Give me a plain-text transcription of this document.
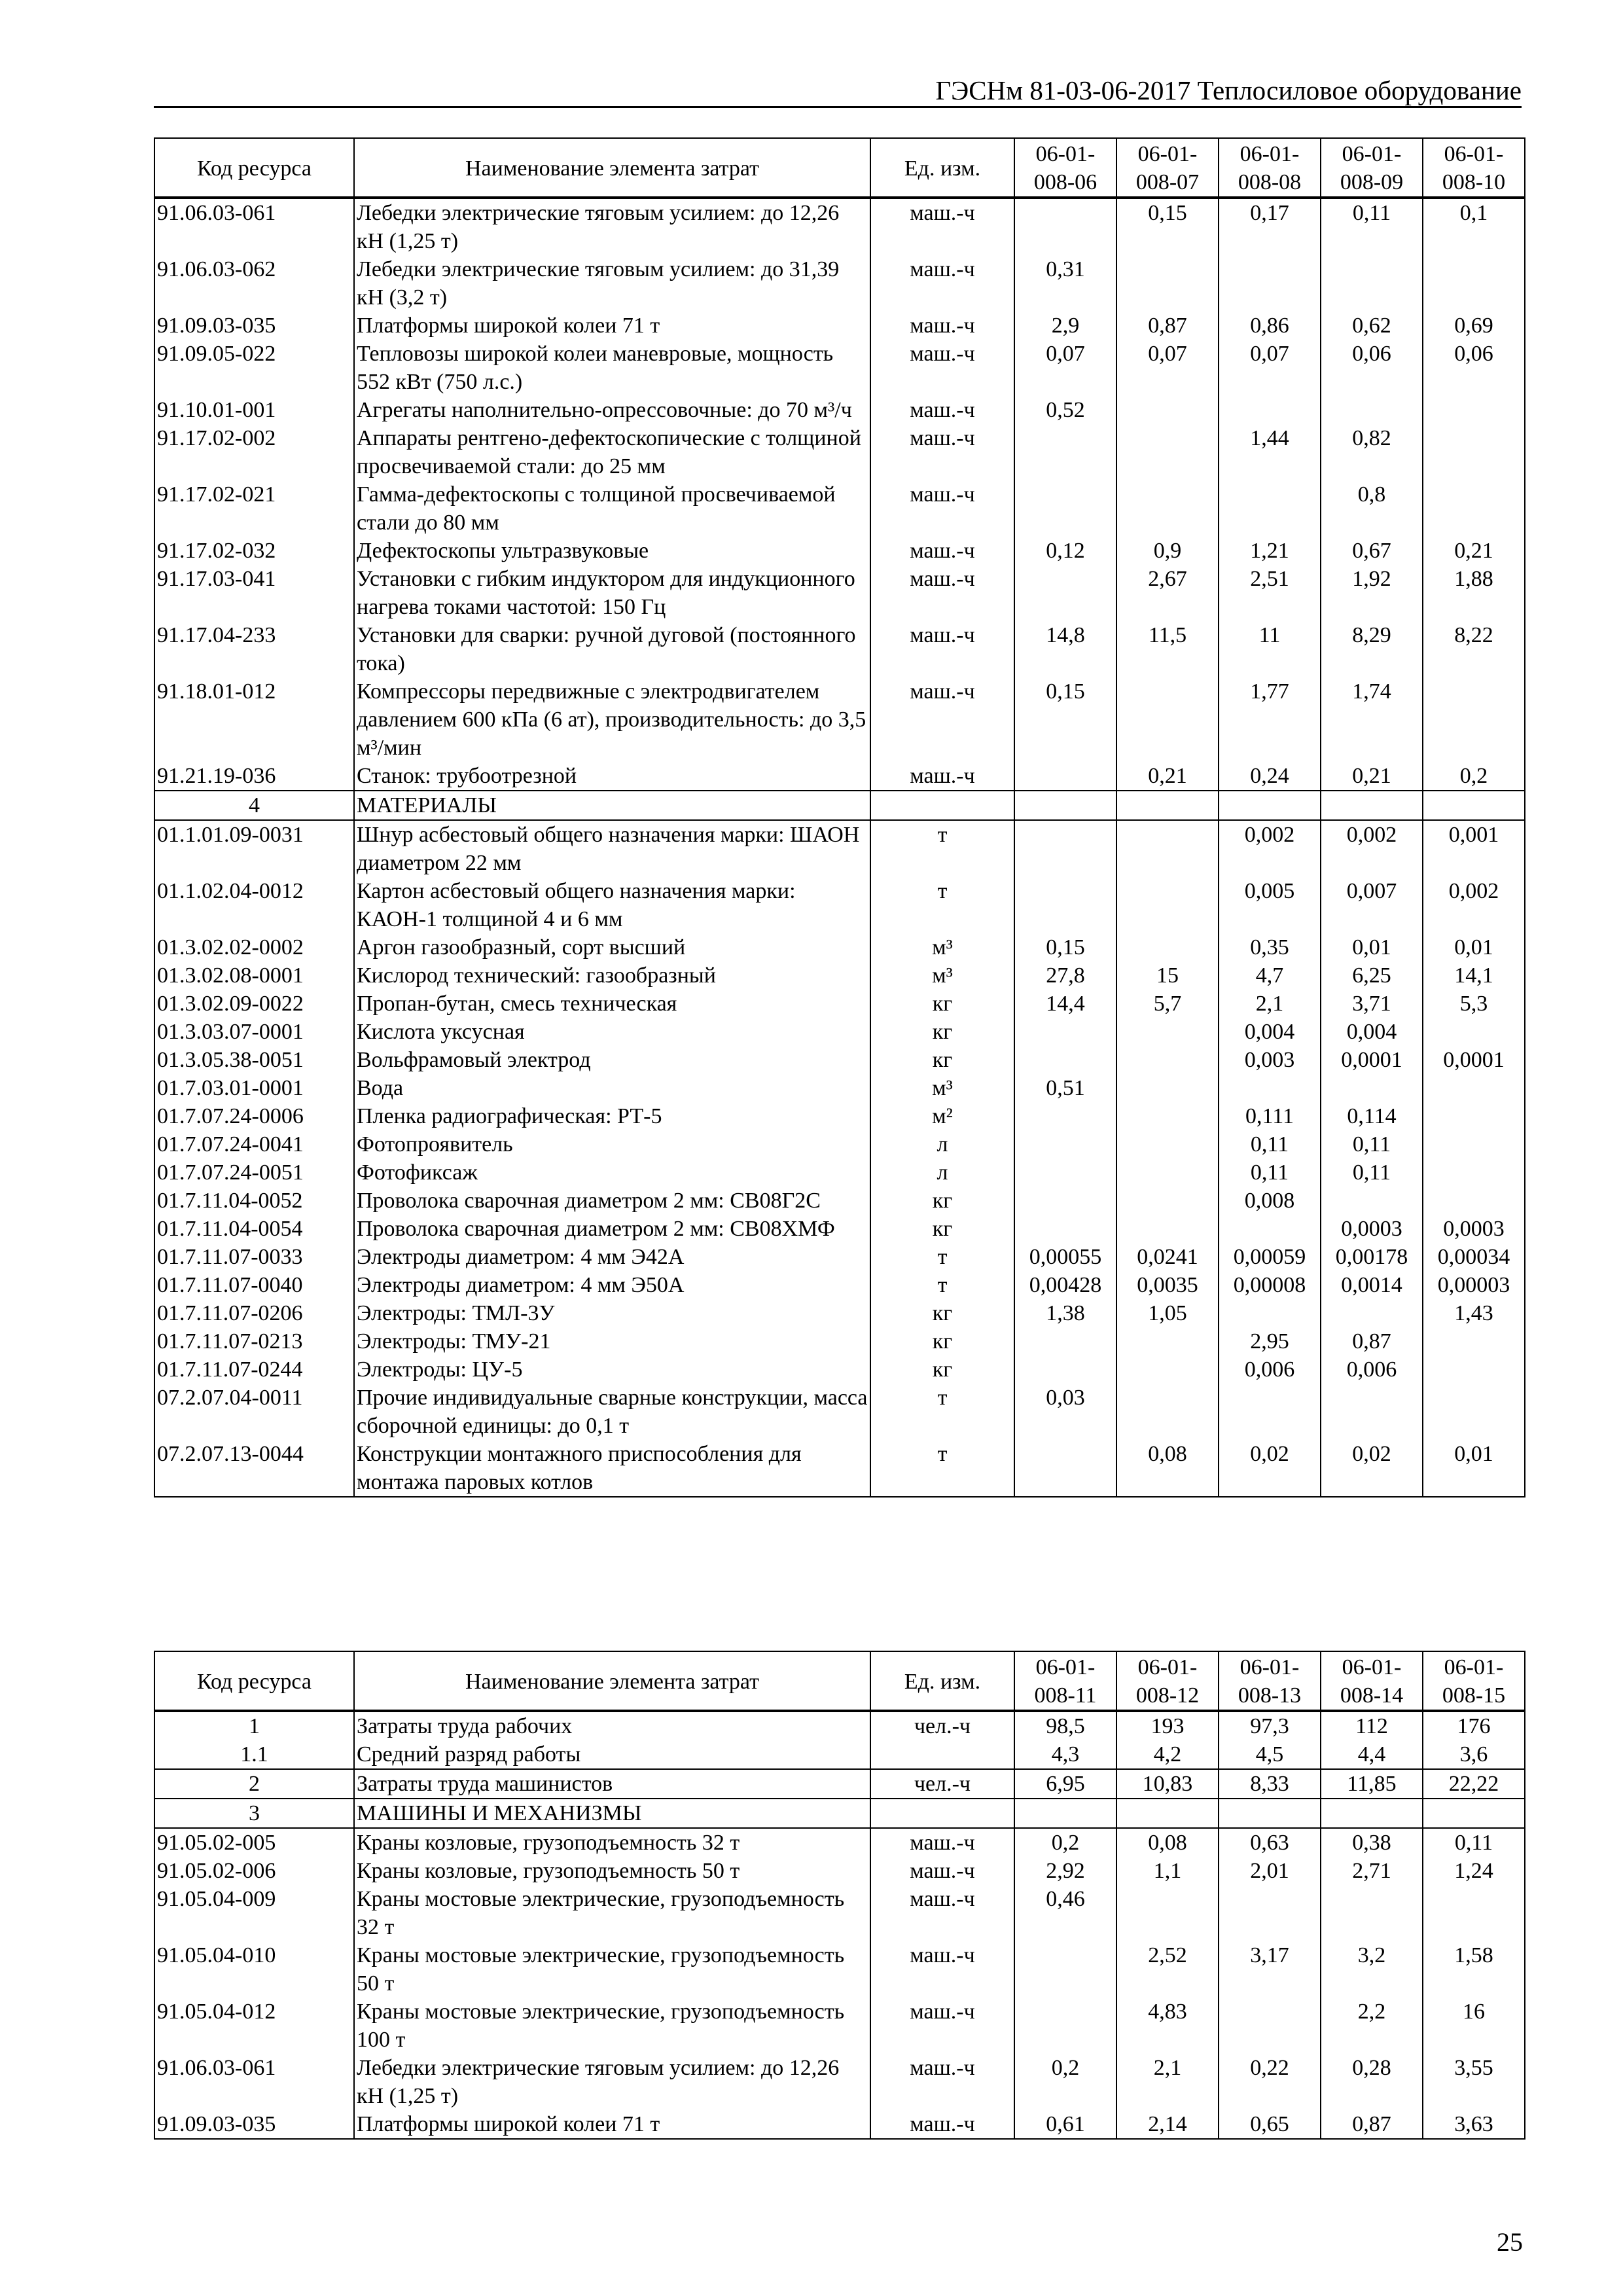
ГЭСНм 81-03-06-2017 Теплосиловое оборудование
Код ресурса	Наименование элемента затрат	Ед. изм.	06-01-008-06	06-01-008-07	06-01-008-08	06-01-008-09	06-01-008-10
91.06.03-061	Лебедки электрические тяговым усилием: до 12,26 кН (1,25 т)	маш.-ч		0,15	0,17	0,11	0,1
91.06.03-062	Лебедки электрические тяговым усилием: до 31,39 кН (3,2 т)	маш.-ч	0,31				
91.09.03-035	Платформы широкой колеи 71 т	маш.-ч	2,9	0,87	0,86	0,62	0,69
91.09.05-022	Тепловозы широкой колеи маневровые, мощность 552 кВт (750 л.с.)	маш.-ч	0,07	0,07	0,07	0,06	0,06
91.10.01-001	Агрегаты наполнительно-опрессовочные: до 70 м³/ч	маш.-ч	0,52				
91.17.02-002	Аппараты рентгено-дефектоскопические с толщиной просвечиваемой стали: до 25 мм	маш.-ч			1,44	0,82	
91.17.02-021	Гамма-дефектоскопы с толщиной просвечиваемой стали до 80 мм	маш.-ч				0,8	
91.17.02-032	Дефектоскопы ультразвуковые	маш.-ч	0,12	0,9	1,21	0,67	0,21
91.17.03-041	Установки с гибким индуктором для индукционного нагрева токами частотой: 150 Гц	маш.-ч		2,67	2,51	1,92	1,88
91.17.04-233	Установки для сварки: ручной дуговой (постоянного тока)	маш.-ч	14,8	11,5	11	8,29	8,22
91.18.01-012	Компрессоры передвижные с электродвигателем давлением 600 кПа (6 ат), производительность: до 3,5 м³/мин	маш.-ч	0,15		1,77	1,74	
91.21.19-036	Станок: трубоотрезной	маш.-ч		0,21	0,24	0,21	0,2
4	МАТЕРИАЛЫ						
01.1.01.09-0031	Шнур асбестовый общего назначения марки: ШАОН диаметром 22 мм	т			0,002	0,002	0,001
01.1.02.04-0012	Картон асбестовый общего назначения марки: КАОН-1 толщиной 4 и 6 мм	т			0,005	0,007	0,002
01.3.02.02-0002	Аргон газообразный, сорт высший	м³	0,15		0,35	0,01	0,01
01.3.02.08-0001	Кислород технический: газообразный	м³	27,8	15	4,7	6,25	14,1
01.3.02.09-0022	Пропан-бутан, смесь техническая	кг	14,4	5,7	2,1	3,71	5,3
01.3.03.07-0001	Кислота уксусная	кг			0,004	0,004	
01.3.05.38-0051	Вольфрамовый электрод	кг			0,003	0,0001	0,0001
01.7.03.01-0001	Вода	м³	0,51				
01.7.07.24-0006	Пленка радиографическая: РТ-5	м²			0,111	0,114	
01.7.07.24-0041	Фотопроявитель	л			0,11	0,11	
01.7.07.24-0051	Фотофиксаж	л			0,11	0,11	
01.7.11.04-0052	Проволока сварочная диаметром 2 мм: СВ08Г2С	кг			0,008		
01.7.11.04-0054	Проволока сварочная диаметром 2 мм: СВ08ХМФ	кг				0,0003	0,0003
01.7.11.07-0033	Электроды диаметром: 4 мм Э42А	т	0,00055	0,0241	0,00059	0,00178	0,00034
01.7.11.07-0040	Электроды диаметром: 4 мм Э50А	т	0,00428	0,0035	0,00008	0,0014	0,00003
01.7.11.07-0206	Электроды: ТМЛ-3У	кг	1,38	1,05			1,43
01.7.11.07-0213	Электроды: ТМУ-21	кг			2,95	0,87	
01.7.11.07-0244	Электроды: ЦУ-5	кг			0,006	0,006	
07.2.07.04-0011	Прочие индивидуальные сварные конструкции, масса сборочной единицы: до 0,1 т	т	0,03				
07.2.07.13-0044	Конструкции монтажного приспособления для монтажа паровых котлов	т		0,08	0,02	0,02	0,01
Код ресурса	Наименование элемента затрат	Ед. изм.	06-01-008-11	06-01-008-12	06-01-008-13	06-01-008-14	06-01-008-15
1	Затраты труда рабочих	чел.-ч	98,5	193	97,3	112	176
1.1	Средний разряд работы		4,3	4,2	4,5	4,4	3,6
2	Затраты труда машинистов	чел.-ч	6,95	10,83	8,33	11,85	22,22
3	МАШИНЫ И МЕХАНИЗМЫ						
91.05.02-005	Краны козловые, грузоподъемность 32 т	маш.-ч	0,2	0,08	0,63	0,38	0,11
91.05.02-006	Краны козловые, грузоподъемность 50 т	маш.-ч	2,92	1,1	2,01	2,71	1,24
91.05.04-009	Краны мостовые электрические, грузоподъемность 32 т	маш.-ч	0,46				
91.05.04-010	Краны мостовые электрические, грузоподъемность 50 т	маш.-ч		2,52	3,17	3,2	1,58
91.05.04-012	Краны мостовые электрические, грузоподъемность 100 т	маш.-ч		4,83		2,2	16
91.06.03-061	Лебедки электрические тяговым усилием: до 12,26 кН (1,25 т)	маш.-ч	0,2	2,1	0,22	0,28	3,55
91.09.03-035	Платформы широкой колеи 71 т	маш.-ч	0,61	2,14	0,65	0,87	3,63
25
